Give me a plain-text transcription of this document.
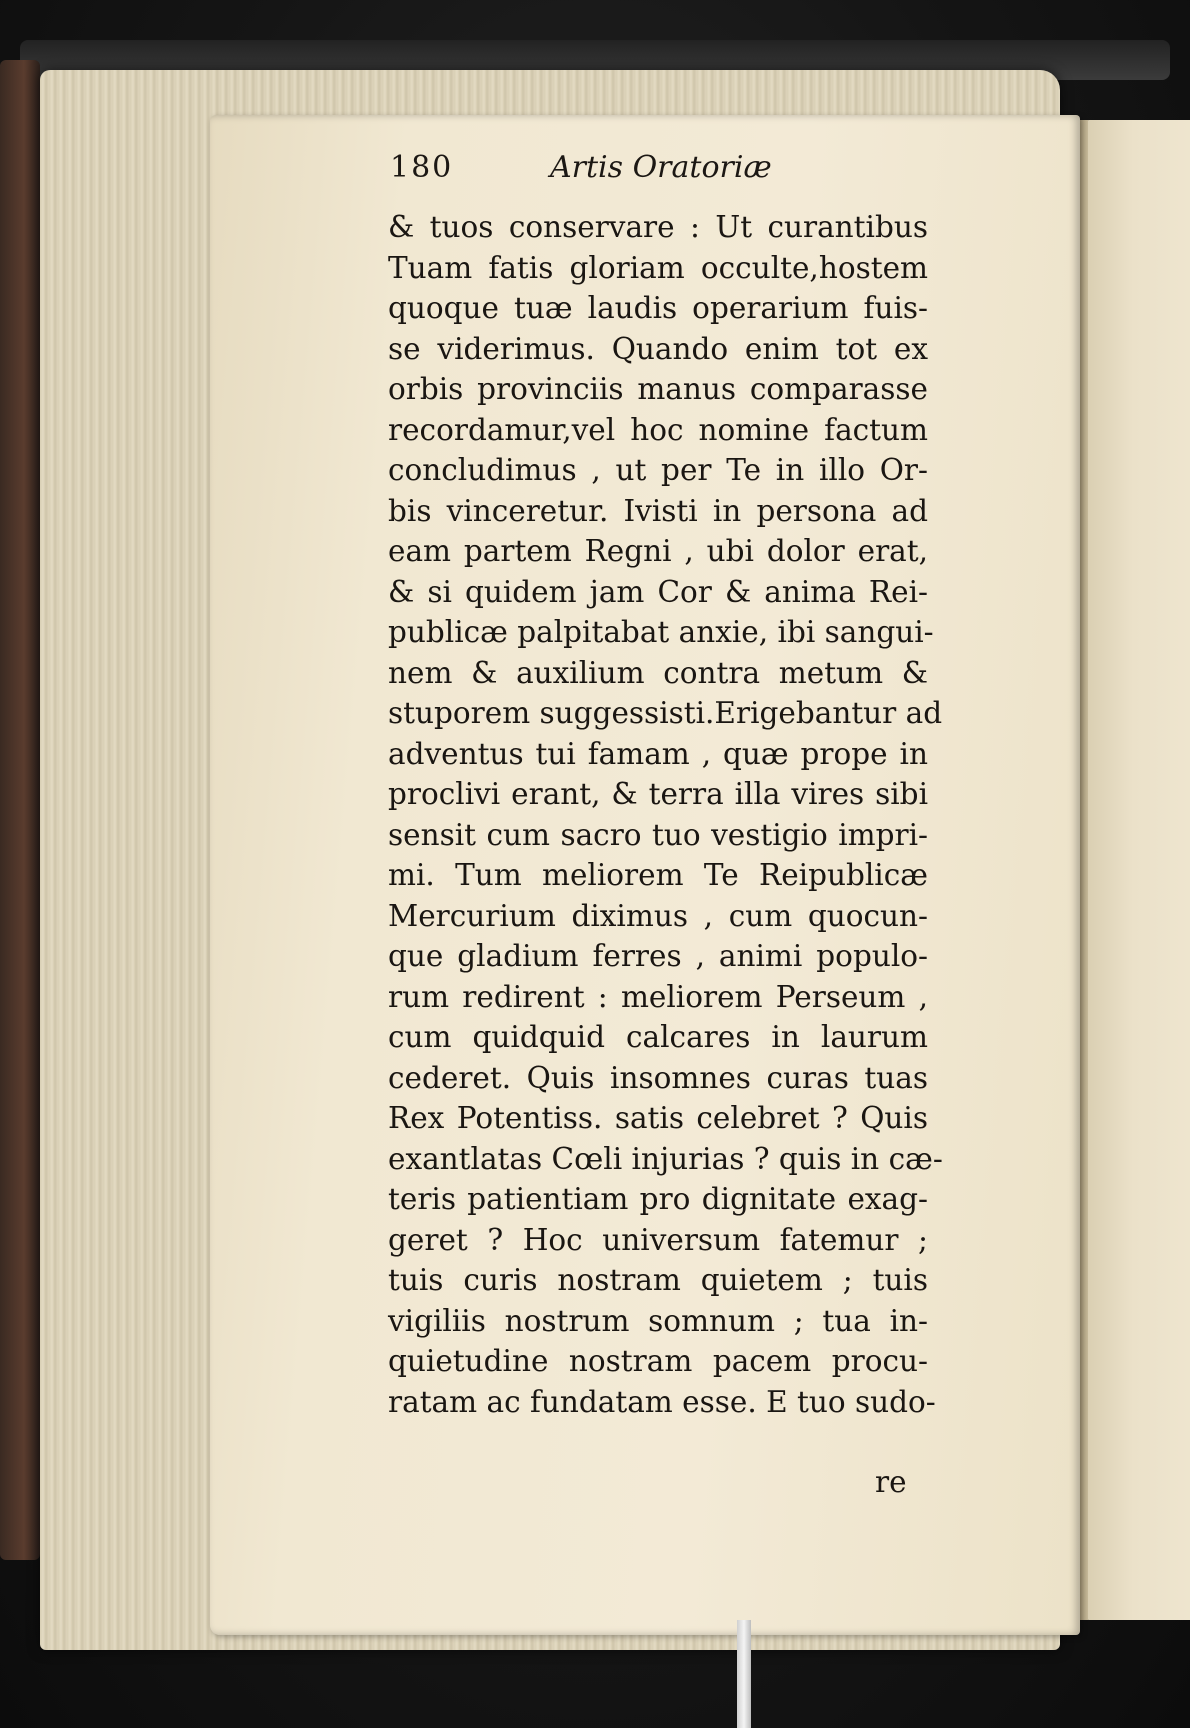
180	Artis Oratoriæ
& tuos conservare : Ut curantibus
Tuam fatis gloriam occulte,hostem
quoque tuæ laudis operarium fuis-
se viderimus. Quando enim tot ex
orbis provinciis manus comparasse
recordamur,vel hoc nomine factum
concludimus , ut per Te in illo Or-
bis vinceretur. Ivisti in persona ad
eam partem Regni , ubi dolor erat,
& si quidem jam Cor & anima Rei-
publicæ palpitabat anxie, ibi sangui-
nem & auxilium contra metum &
stuporem suggessisti.Erigebantur ad
adventus tui famam , quæ prope in
proclivi erant, & terra illa vires sibi
sensit cum sacro tuo vestigio impri-
mi. Tum meliorem Te Reipublicæ
Mercurium diximus , cum quocun-
que gladium ferres , animi populo-
rum redirent : meliorem Perseum ,
cum quidquid calcares in laurum
cederet. Quis insomnes curas tuas
Rex Potentiss. satis celebret ? Quis
exantlatas Cœli injurias ? quis in cæ-
teris patientiam pro dignitate exag-
geret ? Hoc universum fatemur ;
tuis curis nostram quietem ; tuis
vigiliis nostrum somnum ; tua in-
quietudine nostram pacem procu-
ratam ac fundatam esse. E tuo sudo-
re
